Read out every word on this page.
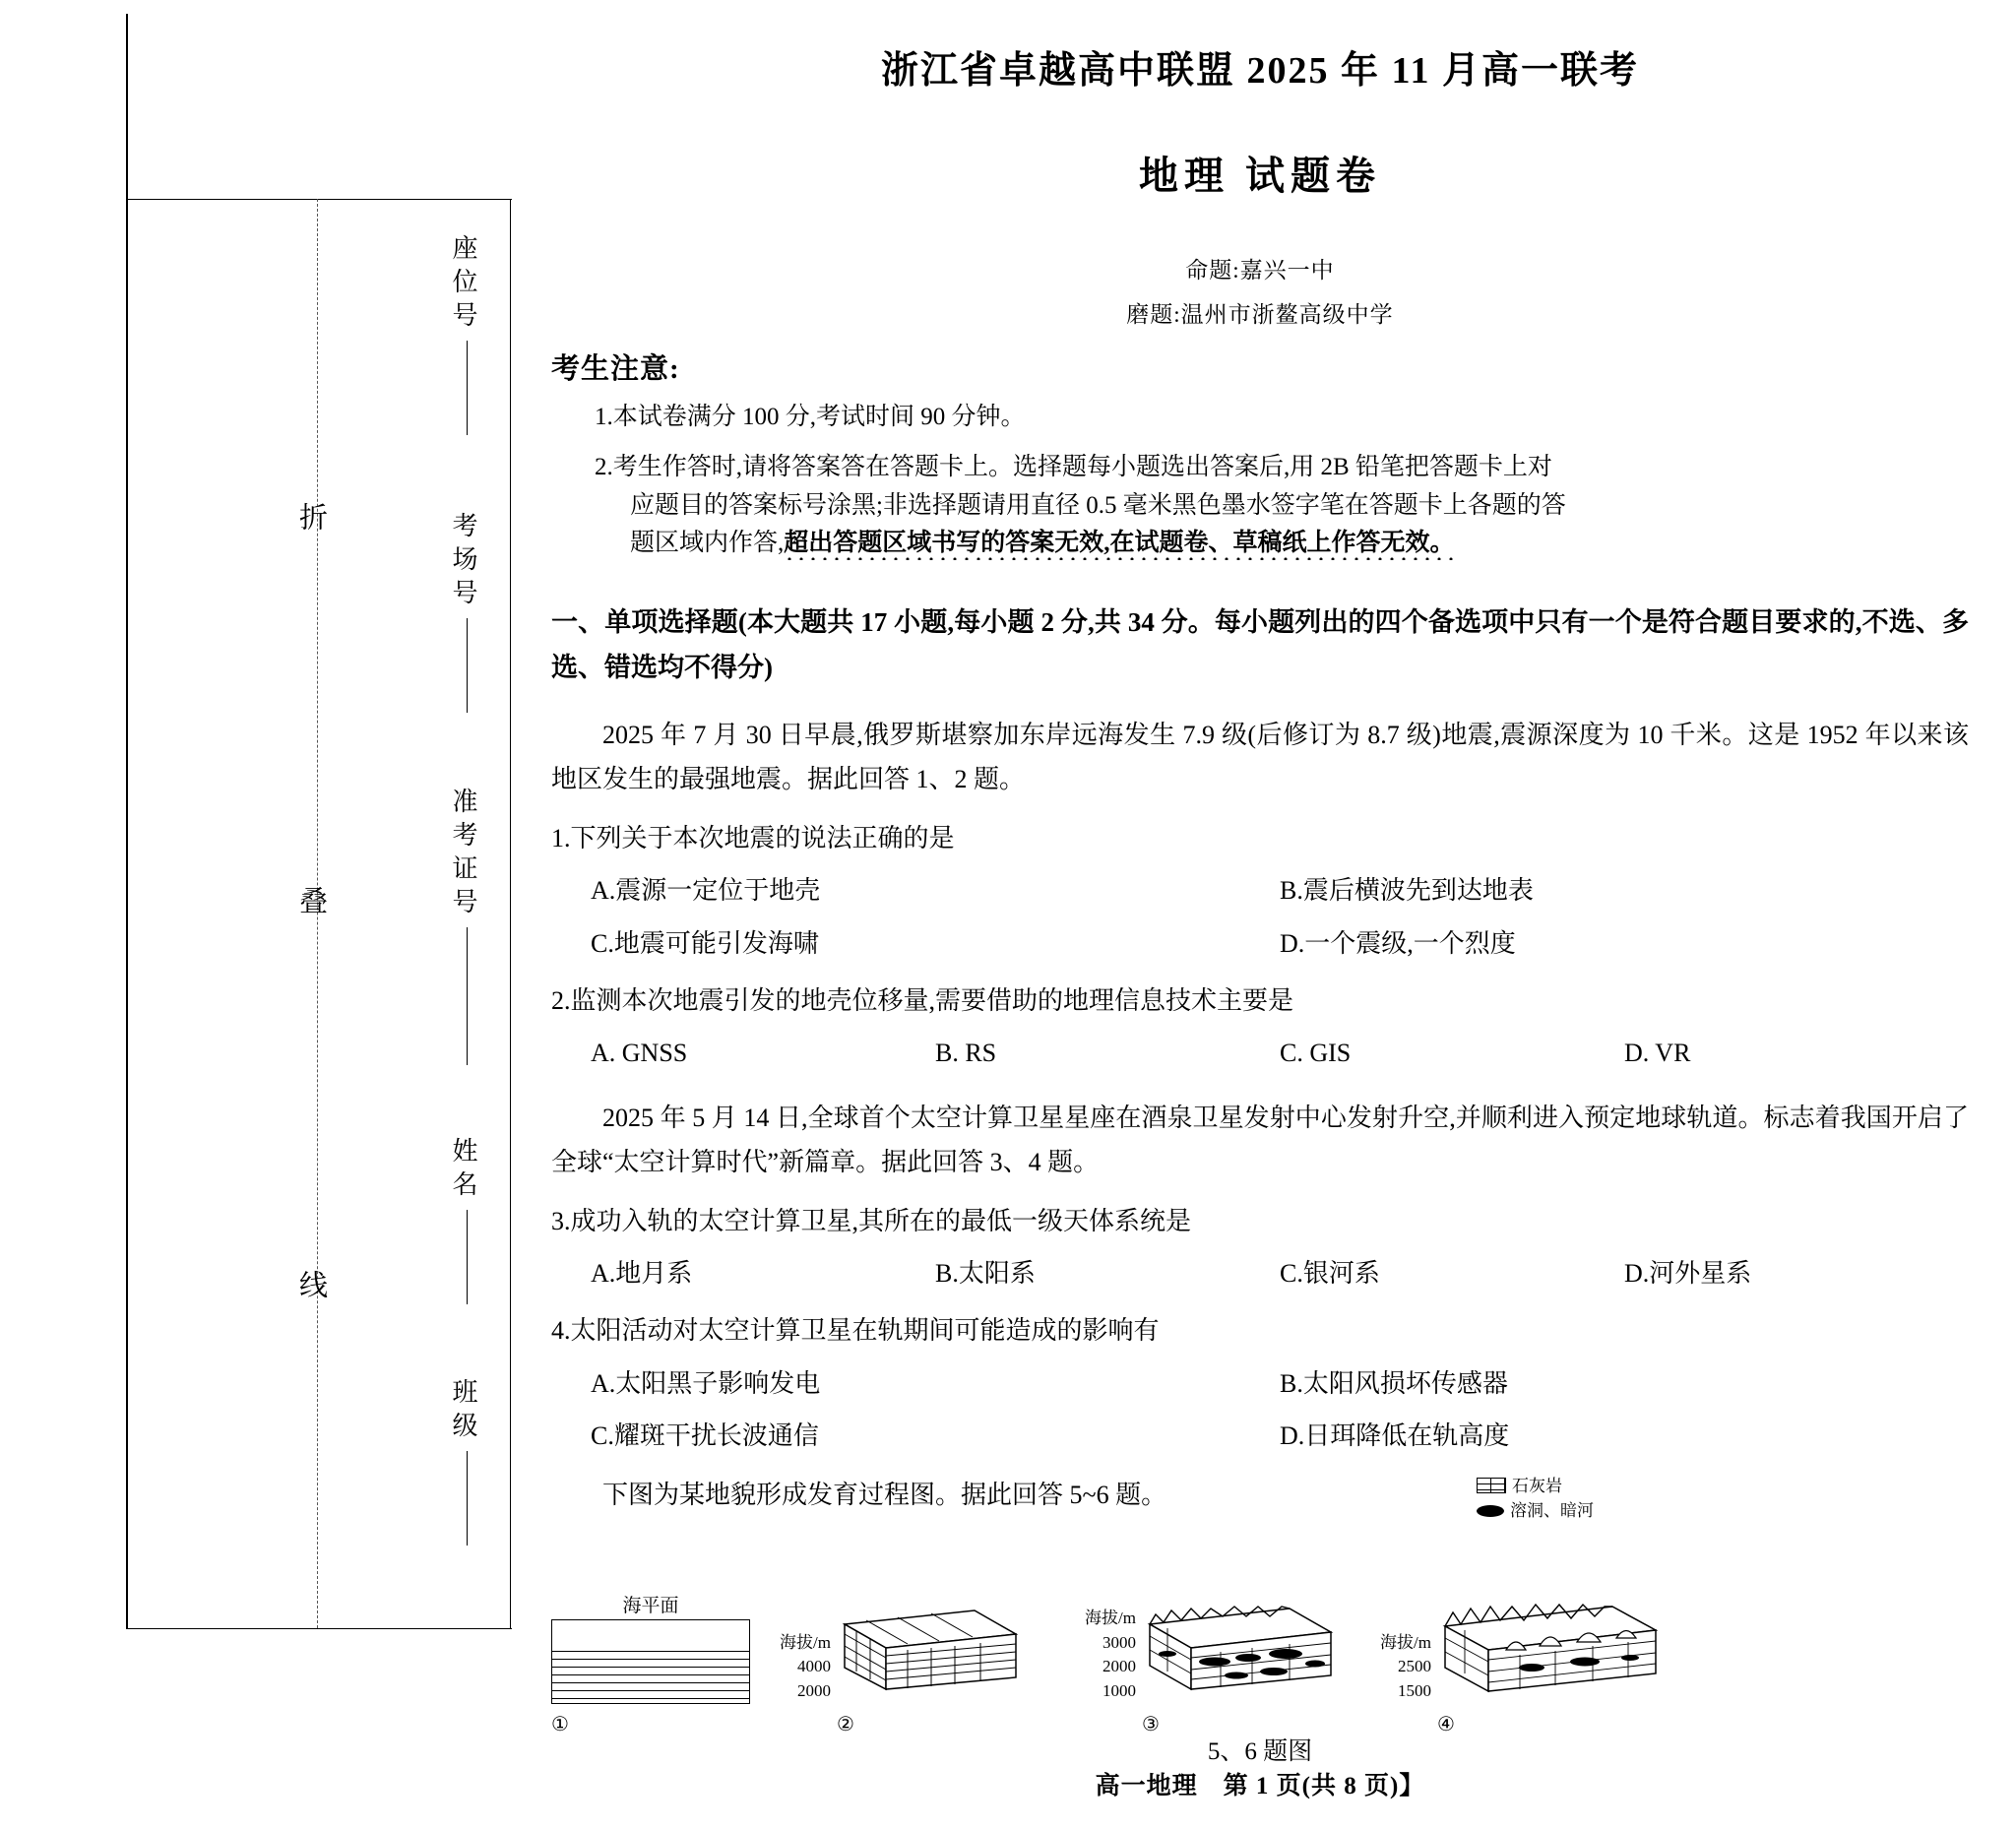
折
叠
线
座位号
考场号
准考证号
姓名
班级
浙江省卓越高中联盟 2025 年 11 月高一联考
地理 试题卷
命题:嘉兴一中
磨题:温州市浙鳌高级中学
考生注意:
1.本试卷满分 100 分,考试时间 90 分钟。
2.考生作答时,请将答案答在答题卡上。选择题每小题选出答案后,用 2B 铅笔把答题卡上对
应题目的答案标号涂黑;非选择题请用直径 0.5 毫米黑色墨水签字笔在答题卡上各题的答
题区域内作答,超出答题区域书写的答案无效,在试题卷、草稿纸上作答无效。
一、单项选择题(本大题共 17 小题,每小题 2 分,共 34 分。每小题列出的四个备选项中只有一个是符合题目要求的,不选、多选、错选均不得分)
2025 年 7 月 30 日早晨,俄罗斯堪察加东岸远海发生 7.9 级(后修订为 8.7 级)地震,震源深度为 10 千米。这是 1952 年以来该地区发生的最强地震。据此回答 1、2 题。
1.下列关于本次地震的说法正确的是
A.震源一定位于地壳	B.震后横波先到达地表
C.地震可能引发海啸	D.一个震级,一个烈度
2.监测本次地震引发的地壳位移量,需要借助的地理信息技术主要是
A. GNSS	B. RS	C. GIS	D. VR
2025 年 5 月 14 日,全球首个太空计算卫星星座在酒泉卫星发射中心发射升空,并顺利进入预定地球轨道。标志着我国开启了全球“太空计算时代”新篇章。据此回答 3、4 题。
3.成功入轨的太空计算卫星,其所在的最低一级天体系统是
A.地月系	B.太阳系	C.银河系	D.河外星系
4.太阳活动对太空计算卫星在轨期间可能造成的影响有
A.太阳黑子影响发电	B.太阳风损坏传感器
C.耀斑干扰长波通信	D.日珥降低在轨高度
下图为某地貌形成发育过程图。据此回答 5~6 题。	石灰岩
溶洞、暗河
海平面
①
海拔/m
4000
2000
②
海拔/m
3000
2000
1000
③
海拔/m
2500
1500
④
5、6 题图
高一地理　第 1 页(共 8 页)】
